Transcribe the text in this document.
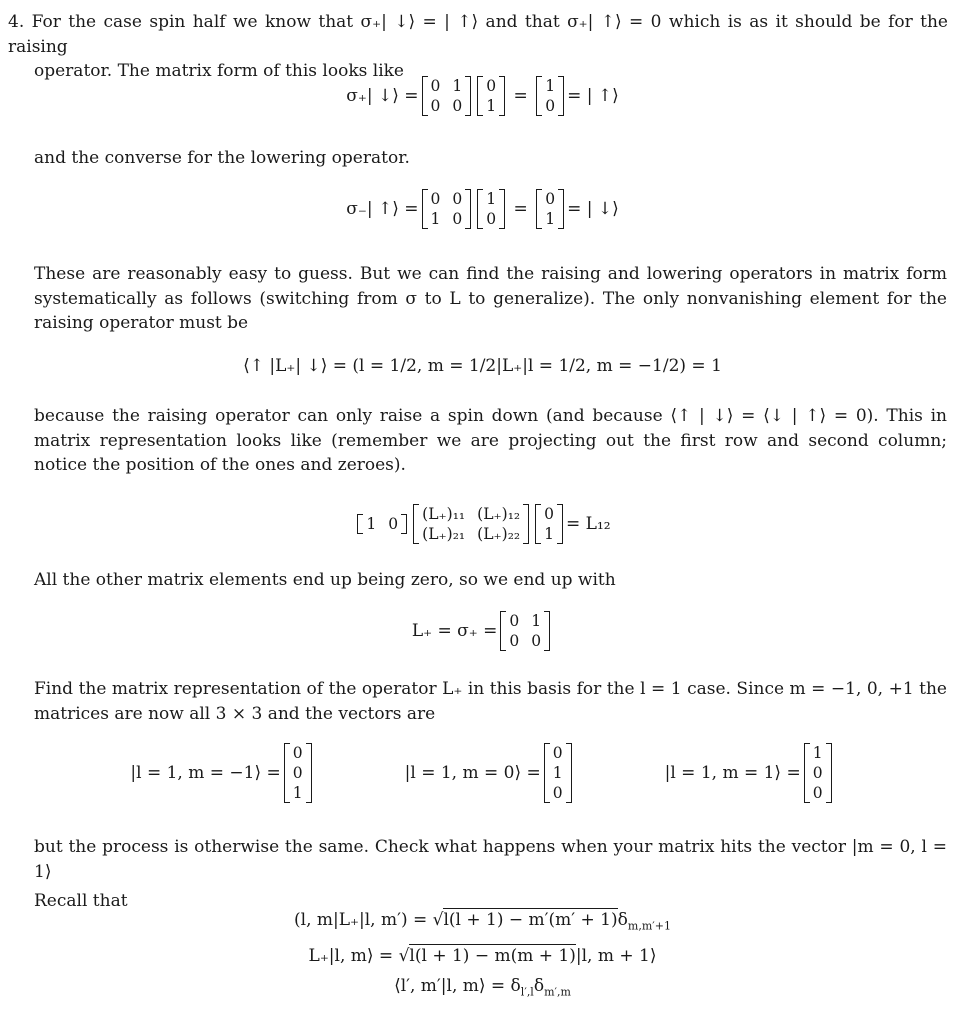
4. For the case spin half we know that σ₊| ↓⟩ = | ↑⟩ and that σ₊| ↑⟩ = 0 which is as it should be for the raising
operator. The matrix form of this looks like
σ₊| ↓⟩ = 0 1
0 0
0
1 = 1
0 = | ↑⟩
and the converse for the lowering operator.
σ₋| ↑⟩ = 0 0
1 0
1
0 = 0
1 = | ↓⟩
These are reasonably easy to guess. But we can find the raising and lowering operators in matrix form systematically as follows (switching from σ to L to generalize). The only nonvanishing element for the raising operator must be
⟨↑ |L₊| ↓⟩ = (l = 1/2, m = 1/2|L₊|l = 1/2, m = −1/2) = 1
because the raising operator can only raise a spin down (and because ⟨↑ | ↓⟩ = ⟨↓ | ↑⟩ = 0). This in matrix representation looks like (remember we are projecting out the first row and second column; notice the position of the ones and zeroes).
1 0
(L₊)₁₁ (L₊)₁₂
(L₊)₂₁ (L₊)₂₂
0
1 = L₁₂
All the other matrix elements end up being zero, so we end up with
L₊ = σ₊ = 0 1
0 0
Find the matrix representation of the operator L₊ in this basis for the l = 1 case. Since m = −1, 0, +1 the matrices are now all 3 × 3 and the vectors are
|l = 1, m = −1⟩ =
0
0
1
|l = 1, m = 0⟩ =
0
1
0
|l = 1, m = 1⟩ =
1
0
0
but the process is otherwise the same. Check what happens when your matrix hits the vector |m = 0, l = 1⟩
Recall that
(l, m|L₊|l, $m') = √l(l + 1) - m'(m' + 1)\delta_{m,m'+1}$
L₊|l, m⟩ = √l(l + 1) − m(m + 1)|l, m + 1⟩
⟨l′, m′|l, m⟩ = $\delta_{l',l}\delta_{m',m}$
